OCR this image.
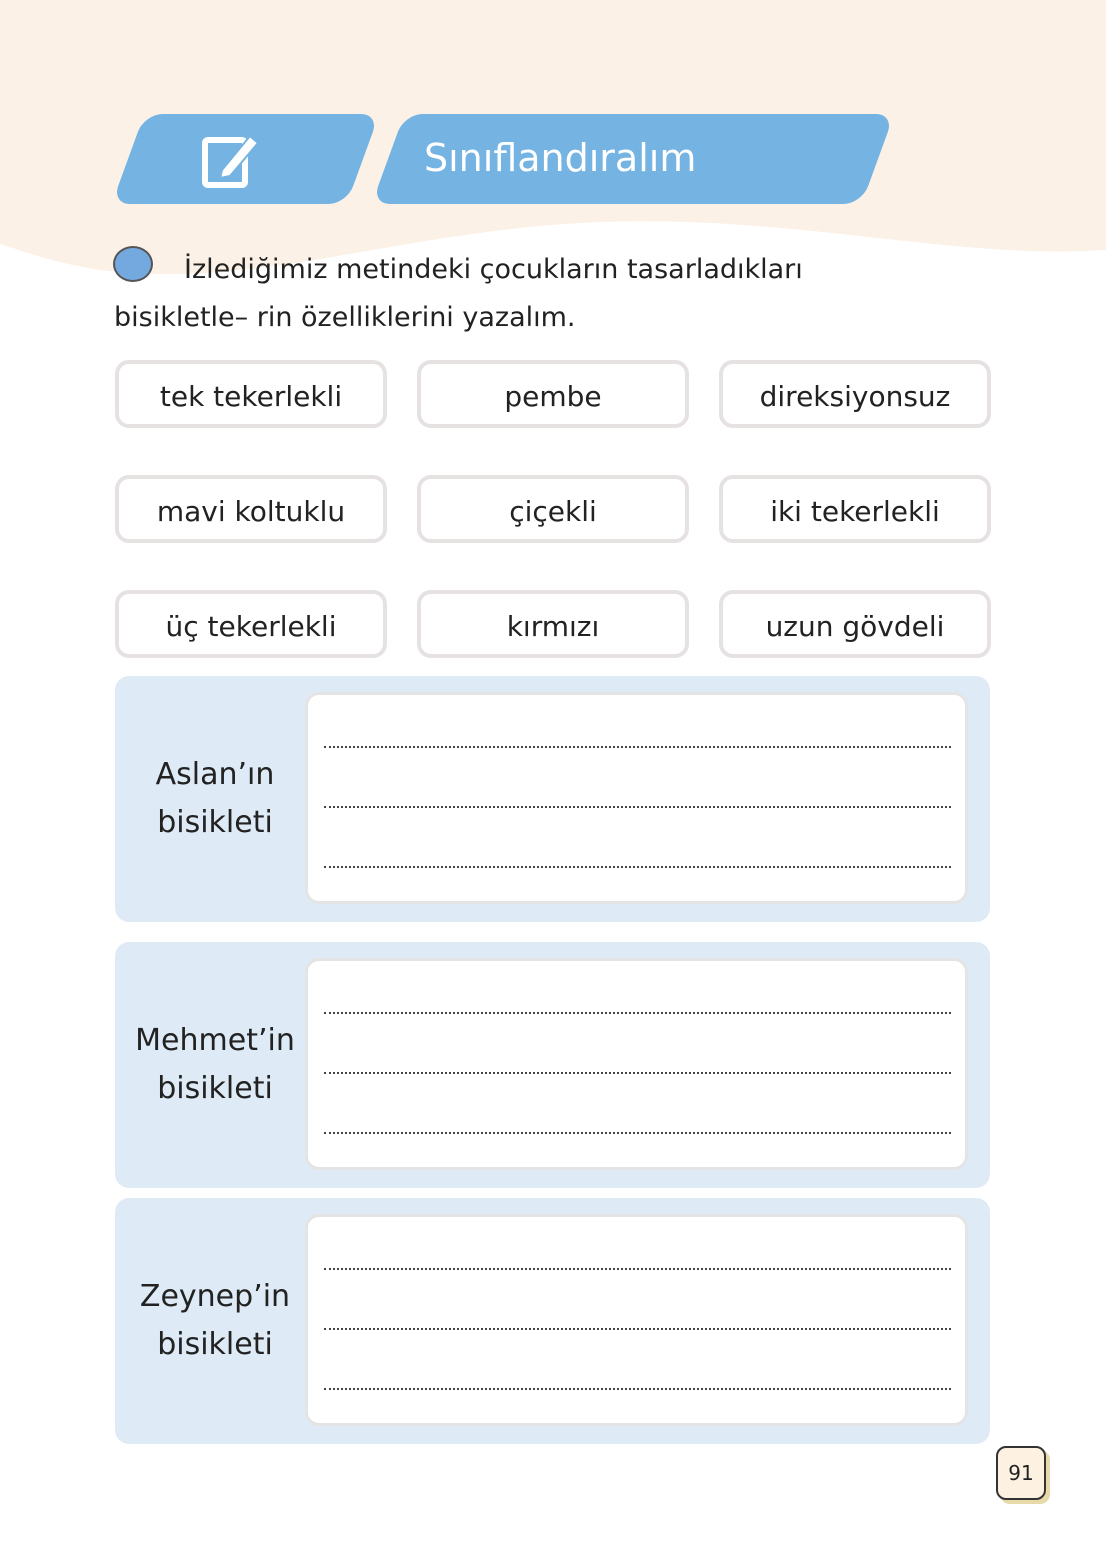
Sınıflandıralım
İzlediğimiz metindeki çocukların tasarladıkları bisikletle– rin özelliklerini yazalım.
tek tekerlekli	pembe	direksiyonsuz
mavi koltuklu	çiçekli	iki tekerlekli
üç tekerlekli	kırmızı	uzun gövdeli
Aslan’ın
bisikleti
Mehmet’in
bisikleti
Zeynep’in
bisikleti
91
